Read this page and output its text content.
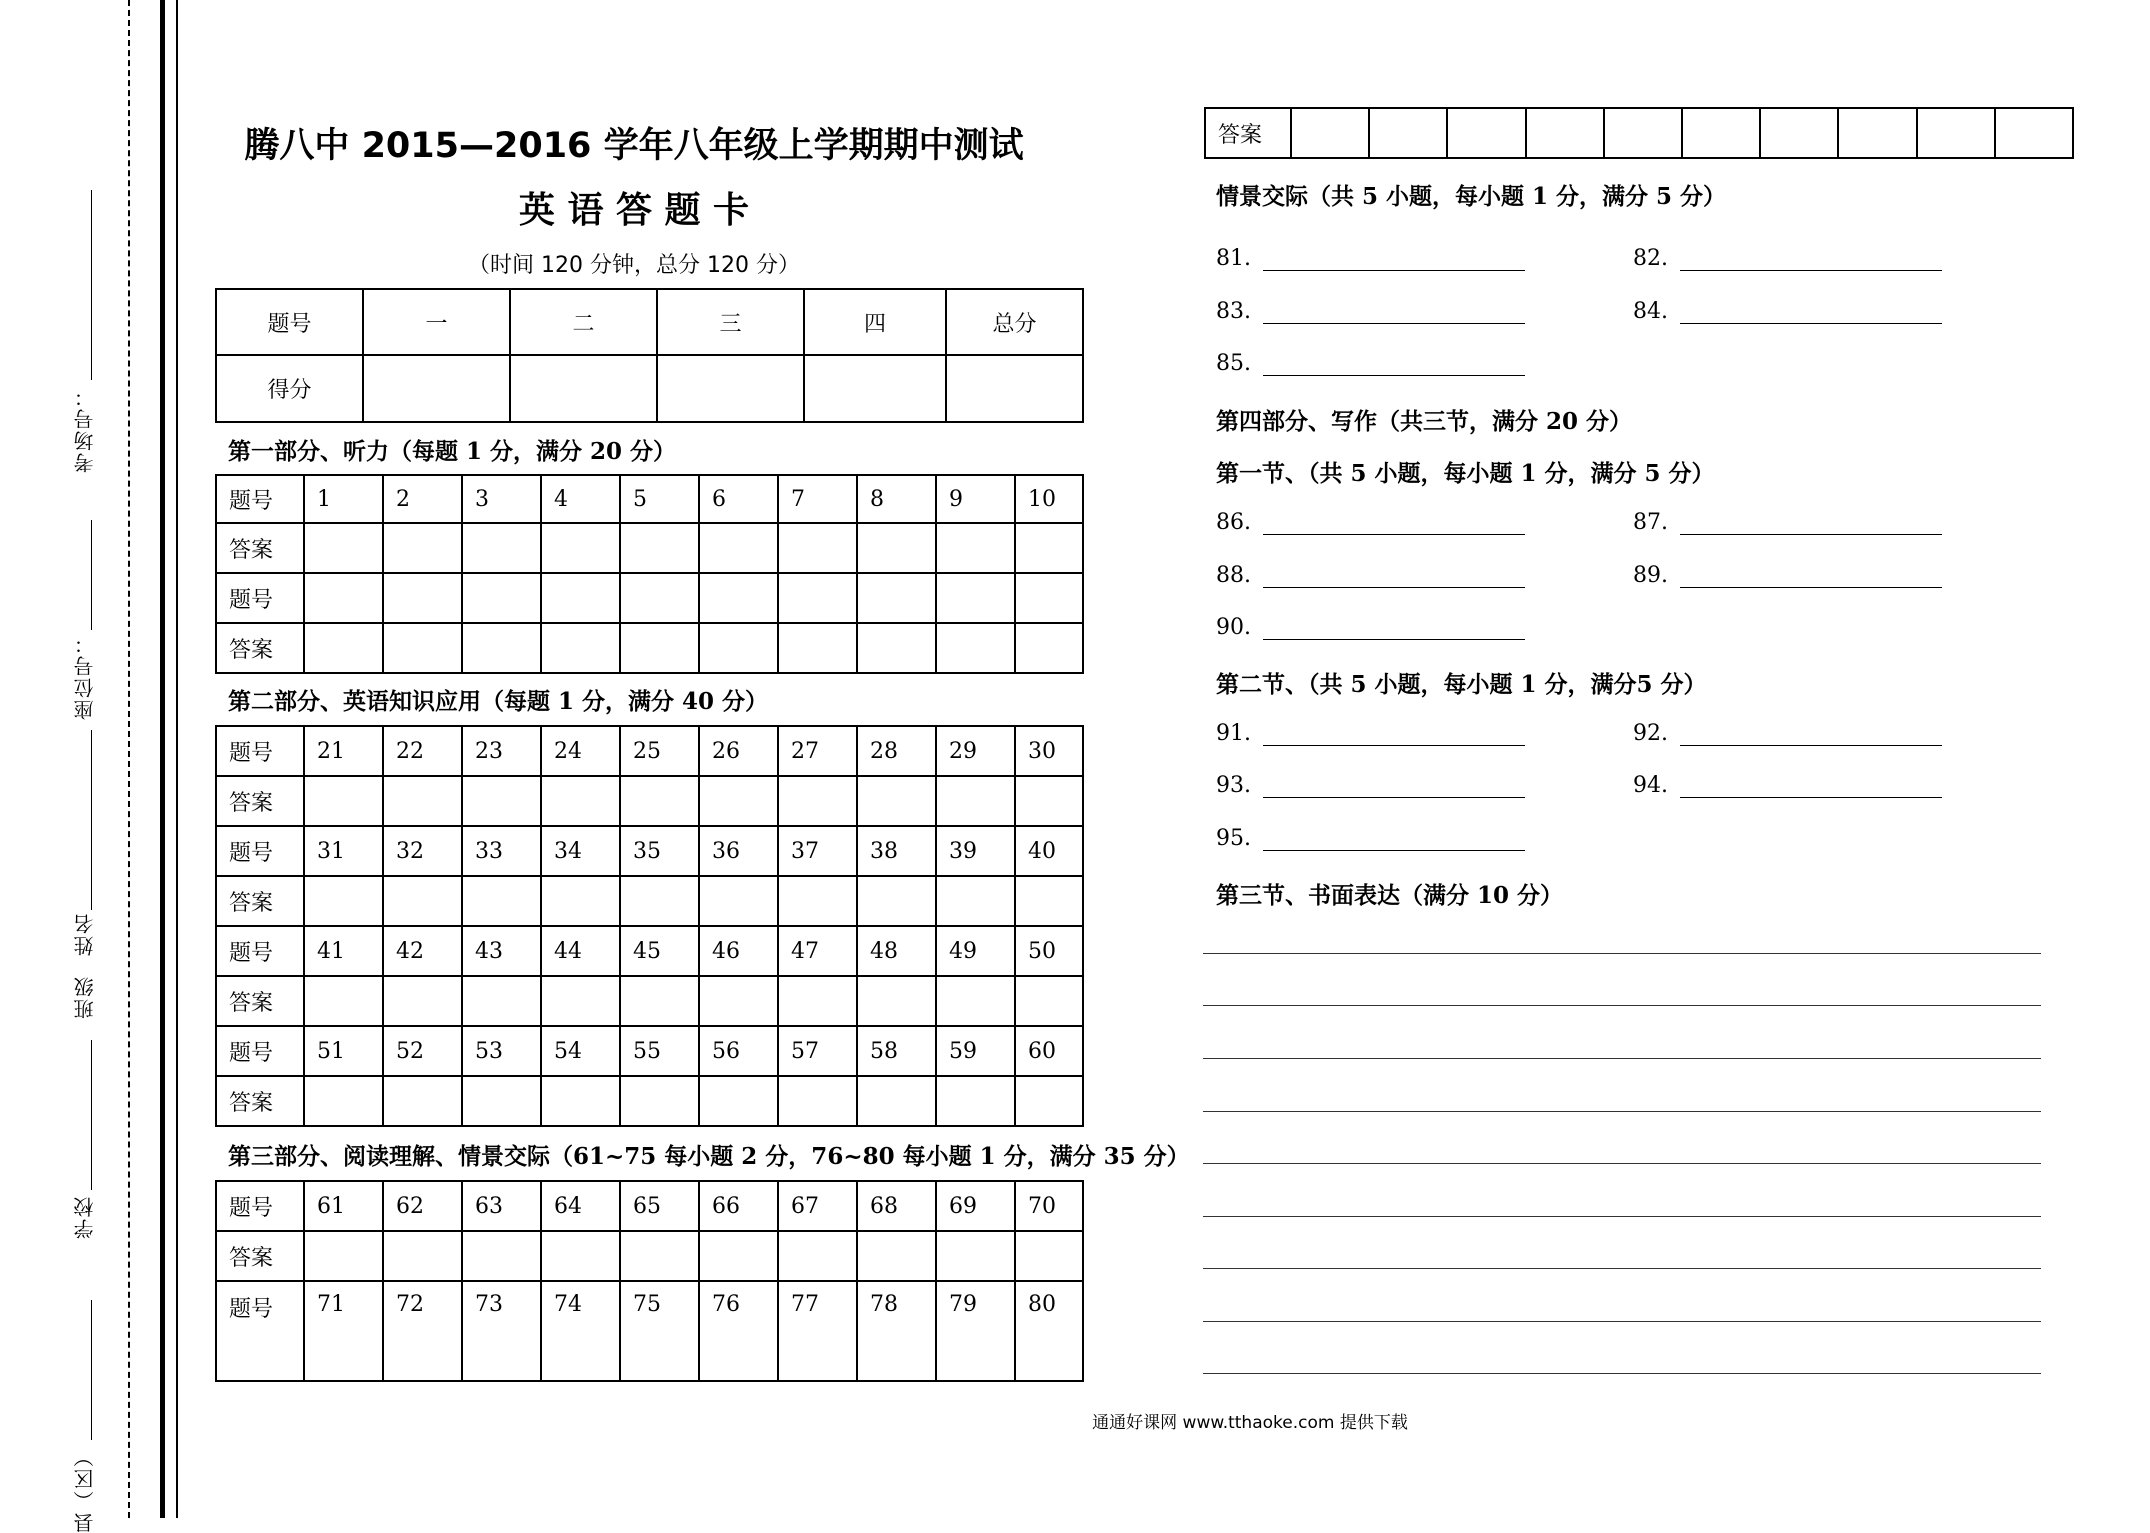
考场号：
座位号：
姓名
班级
学校
县（区）
腾八中 2015—2016 学年八年级上学期期中测试
英 语 答 题 卡
（时间 120 分钟，总分 120 分）
题号	一	二	三	四	总分
得分					
第一部分、听力（每题 1 分，满分 20 分）
第二部分、英语知识应用（每题 1 分，满分 40 分）
第三部分、阅读理解、情景交际（61~75 每小题 2 分，76~80 每小题 1 分，满分 35 分）
题号	1	2	3	4	5	6	7	8	9	10
答案										
题号										
答案										
题号	21	22	23	24	25	26	27	28	29	30
答案										
题号	31	32	33	34	35	36	37	38	39	40
答案										
题号	41	42	43	44	45	46	47	48	49	50
答案										
题号	51	52	53	54	55	56	57	58	59	60
答案										
题号	61	62	63	64	65	66	67	68	69	70
答案										
题号	71	72	73	74	75	76	77	78	79	80
答案										
情景交际（共 5 小题，每小题 1 分，满分 5 分）
81.	82.
83.	84.
85.
第四部分、写作（共三节，满分 20 分）
第一节、（共 5 小题，每小题 1 分，满分 5 分）
86.	87.
88.	89.
90.
第二节、（共 5 小题，每小题 1 分，满分5 分）
91.	92.
93.	94.
95.
第三节、书面表达（满分 10 分）
通通好课网 www.tthaoke.com 提供下载
